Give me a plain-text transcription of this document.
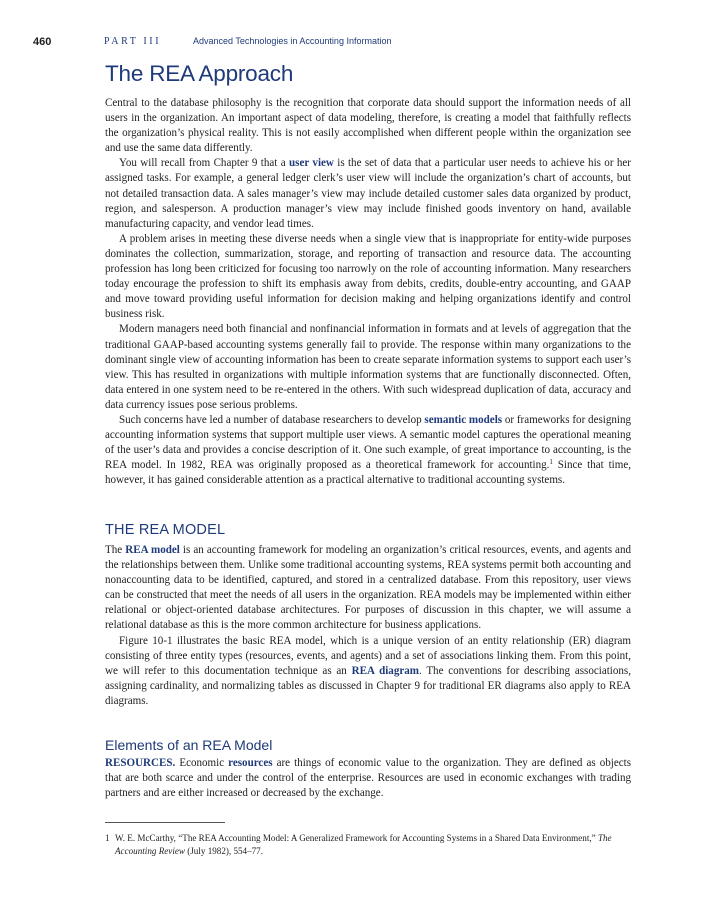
460	PART III	Advanced Technologies in Accounting Information
The REA Approach

Central to the database philosophy is the recognition that corporate data should support the information needs of all users in the organization. An important aspect of data modeling, therefore, is creating a model that faithfully reflects the organization’s physical reality. This is not easily accomplished when different people within the organization see and use the same data differently.

You will recall from Chapter 9 that a user view is the set of data that a particular user needs to achieve his or her assigned tasks. For example, a general ledger clerk’s user view will include the organization’s chart of accounts, but not detailed transaction data. A sales manager’s view may include detailed customer sales data organized by product, region, and salesperson. A production manager’s view may include finished goods inventory on hand, available manufacturing capacity, and vendor lead times.

A problem arises in meeting these diverse needs when a single view that is inappropriate for entity-wide purposes dominates the collection, summarization, storage, and reporting of transaction and resource data. The accounting profession has long been criticized for focusing too narrowly on the role of accounting information. Many researchers today encourage the profession to shift its emphasis away from debits, credits, double-entry accounting, and GAAP and move toward providing useful information for decision making and helping organizations identify and control business risk.

Modern managers need both financial and nonfinancial information in formats and at levels of aggregation that the traditional GAAP-based accounting systems generally fail to provide. The response within many organizations to the dominant single view of accounting information has been to create separate information systems to support each user’s view. This has resulted in organizations with multiple information systems that are functionally disconnected. Often, data entered in one system need to be re-entered in the others. With such widespread duplication of data, accuracy and data currency issues pose serious problems.

Such concerns have led a number of database researchers to develop semantic models or frameworks for designing accounting information systems that support multiple user views. A semantic model captures the operational meaning of the user’s data and provides a concise description of it. One such example, of great importance to accounting, is the REA model. In 1982, REA was originally proposed as a theoretical framework for accounting.$^1$ Since that time, however, it has gained considerable attention as a practical alternative to traditional accounting systems.

THE REA MODEL

The REA model is an accounting framework for modeling an organization’s critical resources, events, and agents and the relationships between them. Unlike some traditional accounting systems, REA systems permit both accounting and nonaccounting data to be identified, captured, and stored in a centralized database. From this repository, user views can be constructed that meet the needs of all users in the organization. REA models may be implemented within either relational or object-oriented database architectures. For purposes of discussion in this chapter, we will assume a relational database as this is the more common architecture for business applications.

Figure 10-1 illustrates the basic REA model, which is a unique version of an entity relationship (ER) diagram consisting of three entity types (resources, events, and agents) and a set of associations linking them. From this point, we will refer to this documentation technique as an REA diagram. The conventions for describing associations, assigning cardinality, and normalizing tables as discussed in Chapter 9 for traditional ER diagrams also apply to REA diagrams.

Elements of an REA Model

RESOURCES. Economic resources are things of economic value to the organization. They are defined as objects that are both scarce and under the control of the enterprise. Resources are used in economic exchanges with trading partners and are either increased or decreased by the exchange.

1 W. E. McCarthy, “The REA Accounting Model: A Generalized Framework for Accounting Systems in a Shared Data Environment,” The Accounting Review (July 1982), 554–77.
